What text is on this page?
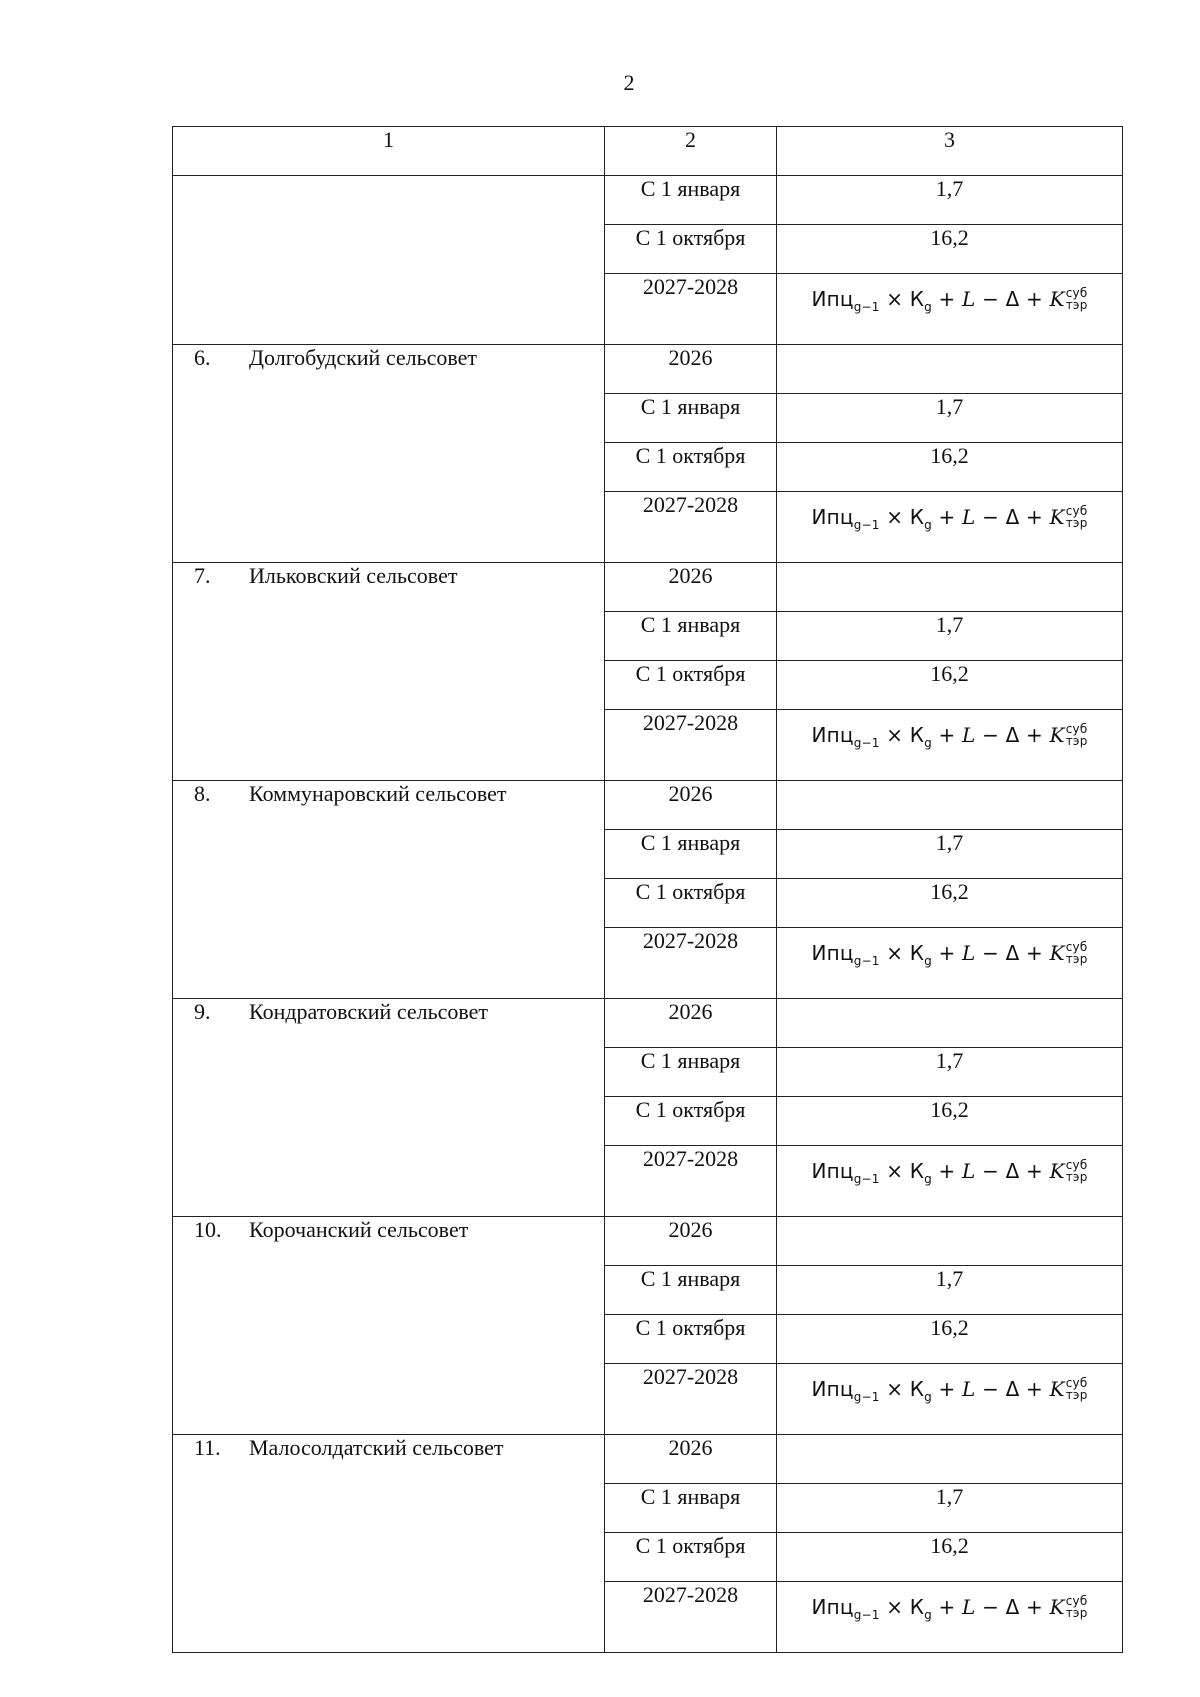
2
1	2	3
	С 1 января	1,7
	С 1 октября	16,2
	2027-2028	$Ипц_{g-1} \times К_g + L - \Delta + K$ суб
тэр

6. Долгобудский сельсовет	2026	
	С 1 января	1,7
	С 1 октября	16,2
	2027-2028	$Ипц_{g-1} \times К_g + L - \Delta + K$ суб
тэр

7. Ильковский сельсовет	2026	
	С 1 января	1,7
	С 1 октября	16,2
	2027-2028	$Ипц_{g-1} \times К_g + L - \Delta + K$ суб
тэр

8. Коммунаровский сельсовет	2026	
	С 1 января	1,7
	С 1 октября	16,2
	2027-2028	$Ипц_{g-1} \times К_g + L - \Delta + K$ суб
тэр

9. Кондратовский сельсовет	2026	
	С 1 января	1,7
	С 1 октября	16,2
	2027-2028	$Ипц_{g-1} \times К_g + L - \Delta + K$ суб
тэр

10. Корочанский сельсовет	2026	
	С 1 января	1,7
	С 1 октября	16,2
	2027-2028	$Ипц_{g-1} \times К_g + L - \Delta + K$ суб
тэр

11. Малосолдатский сельсовет	2026	
	С 1 января	1,7
	С 1 октября	16,2
	2027-2028	$Ипц_{g-1} \times К_g + L - \Delta + K$ суб
тэр
